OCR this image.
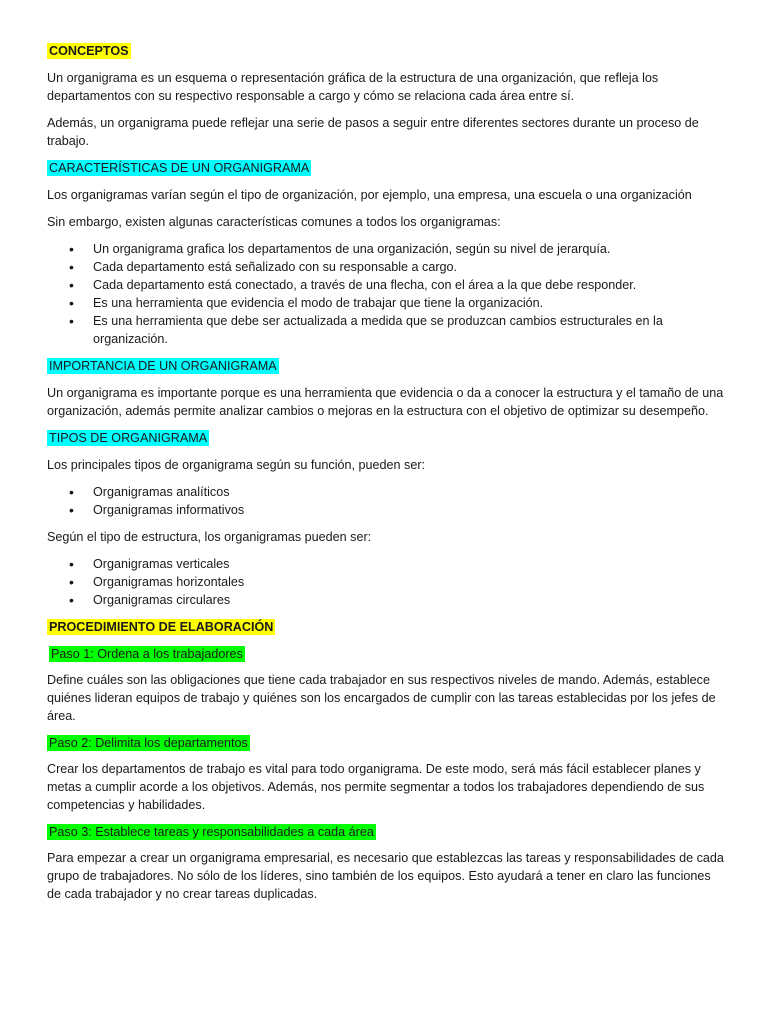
CONCEPTOS

Un organigrama es un esquema o representación gráfica de la estructura de una organización, que refleja los departamentos con su respectivo responsable a cargo y cómo se relaciona cada área entre sí.

Además, un organigrama puede reflejar una serie de pasos a seguir entre diferentes sectores durante un proceso de trabajo.

CARACTERÍSTICAS DE UN ORGANIGRAMA

Los organigramas varían según el tipo de organización, por ejemplo, una empresa, una escuela o una organización

Sin embargo, existen algunas características comunes a todos los organigramas:

• Un organigrama grafica los departamentos de una organización, según su nivel de jerarquía.
• Cada departamento está señalizado con su responsable a cargo.
• Cada departamento está conectado, a través de una flecha, con el área a la que debe responder.
• Es una herramienta que evidencia el modo de trabajar que tiene la organización.
• Es una herramienta que debe ser actualizada a medida que se produzcan cambios estructurales en la organización.
IMPORTANCIA DE UN ORGANIGRAMA

Un organigrama es importante porque es una herramienta que evidencia o da a conocer la estructura y el tamaño de una organización, además permite analizar cambios o mejoras en la estructura con el objetivo de optimizar su desempeño.

TIPOS DE ORGANIGRAMA

Los principales tipos de organigrama según su función, pueden ser:

• Organigramas analíticos
• Organigramas informativos

Según el tipo de estructura, los organigramas pueden ser:

• Organigramas verticales
• Organigramas horizontales
• Organigramas circulares
PROCEDIMIENTO DE ELABORACIÓN
Paso 1: Ordena a los trabajadores

Define cuáles son las obligaciones que tiene cada trabajador en sus respectivos niveles de mando. Además, establece quiénes lideran equipos de trabajo y quiénes son los encargados de cumplir con las tareas establecidas por los jefes de área.

Paso 2: Delimita los departamentos

Crear los departamentos de trabajo es vital para todo organigrama. De este modo, será más fácil establecer planes y metas a cumplir acorde a los objetivos. Además, nos permite segmentar a todos los trabajadores dependiendo de sus competencias y habilidades.

Paso 3: Establece tareas y responsabilidades a cada área

Para empezar a crear un organigrama empresarial, es necesario que establezcas las tareas y responsabilidades de cada grupo de trabajadores. No sólo de los líderes, sino también de los equipos. Esto ayudará a tener en claro las funciones de cada trabajador y no crear tareas duplicadas.
